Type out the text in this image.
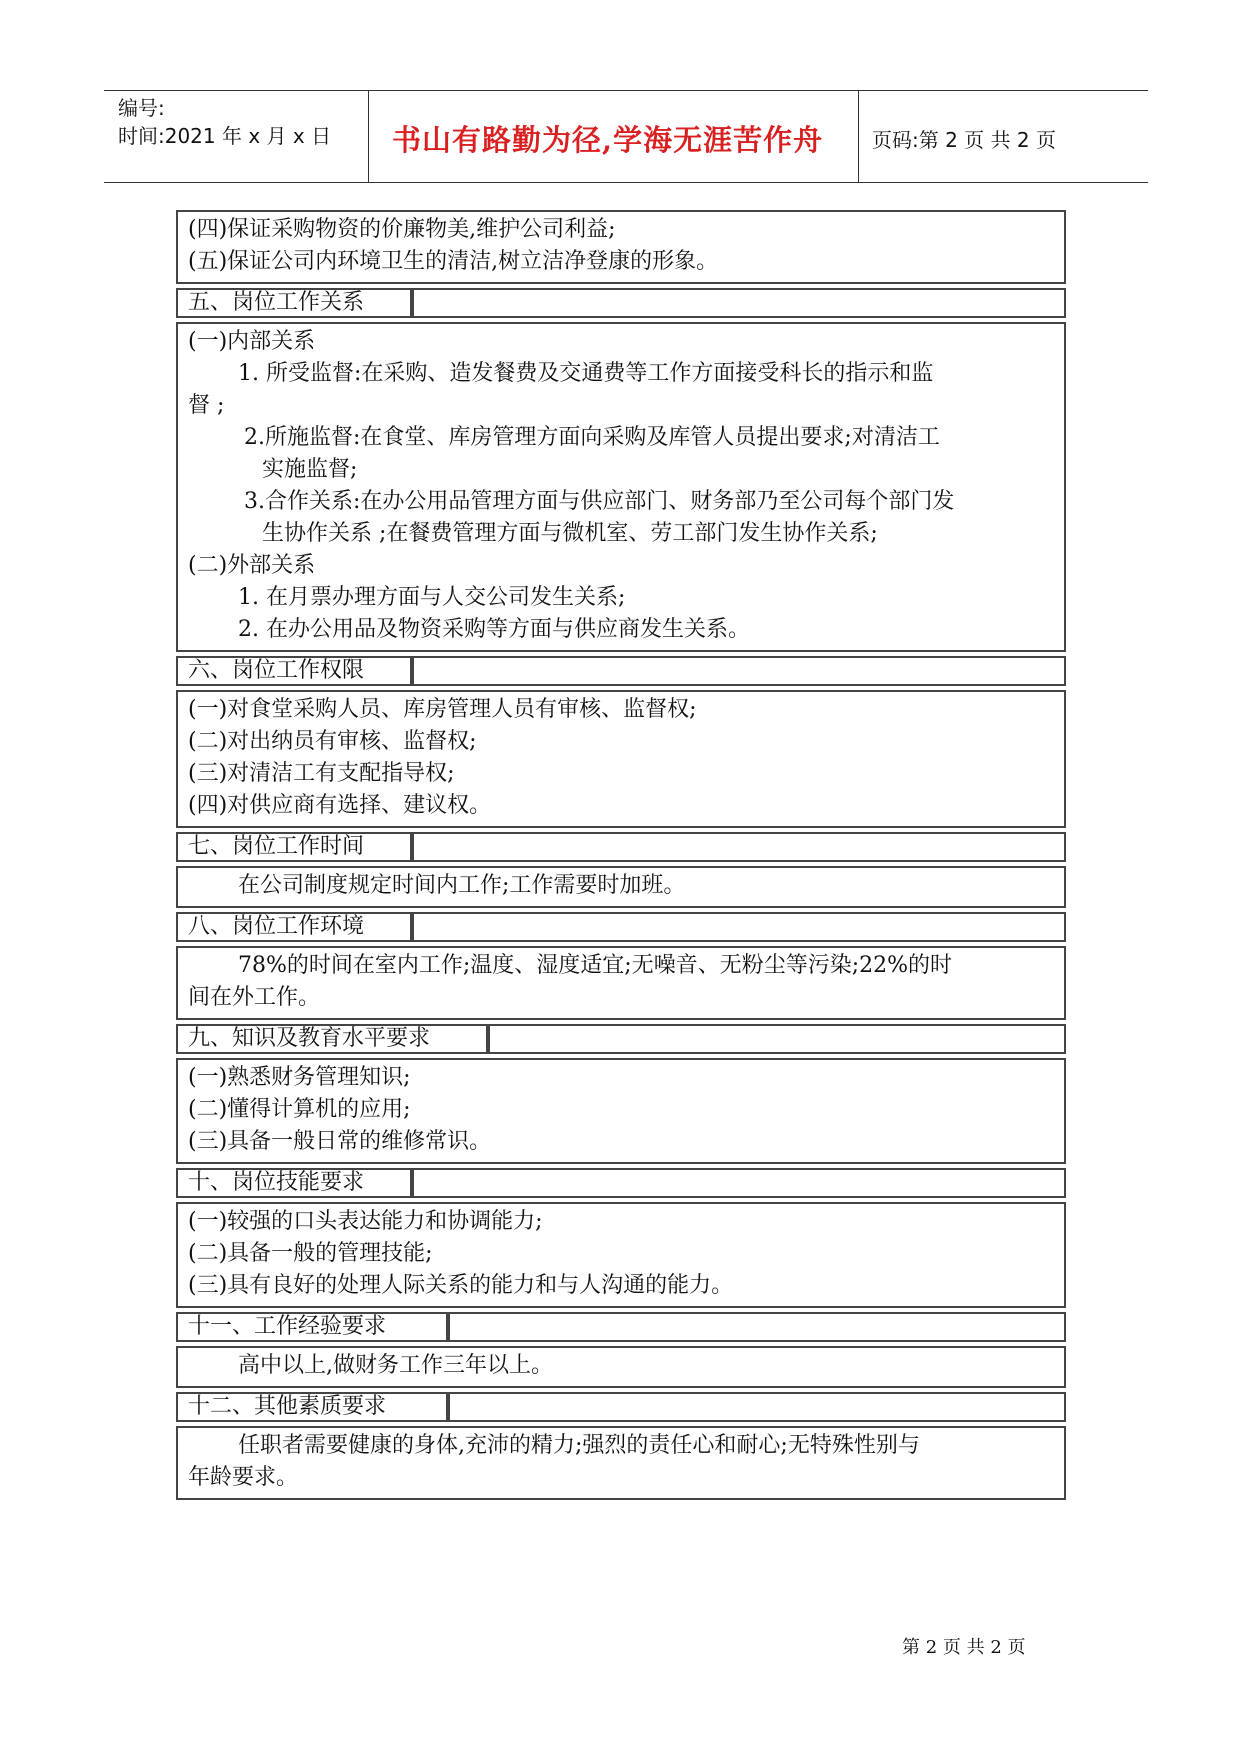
编号:
时间:2021 年 x 月 x 日 书山有路勤为径,学海无涯苦作舟 页码:第 2 页 共 2 页
(四)保证采购物资的价廉物美,维护公司利益;
(五)保证公司内环境卫生的清洁,树立洁净登康的形象。
五、岗位工作关系
(一)内部关系
1. 所受监督:在采购、造发餐费及交通费等工作方面接受科长的指示和监
督 ;
2.所施监督:在食堂、库房管理方面向采购及库管人员提出要求;对清洁工
实施监督;
3.合作关系:在办公用品管理方面与供应部门、财务部乃至公司每个部门发
生协作关系 ;在餐费管理方面与微机室、劳工部门发生协作关系;
(二)外部关系
1. 在月票办理方面与人交公司发生关系;
2. 在办公用品及物资采购等方面与供应商发生关系。
六、岗位工作权限
(一)对食堂采购人员、库房管理人员有审核、监督权;
(二)对出纳员有审核、监督权;
(三)对清洁工有支配指导权;
(四)对供应商有选择、建议权。
七、岗位工作时间
在公司制度规定时间内工作;工作需要时加班。
八、岗位工作环境
78%的时间在室内工作;温度、湿度适宜;无噪音、无粉尘等污染;22%的时
间在外工作。
九、知识及教育水平要求
(一)熟悉财务管理知识;
(二)懂得计算机的应用;
(三)具备一般日常的维修常识。
十、岗位技能要求
(一)较强的口头表达能力和协调能力;
(二)具备一般的管理技能;
(三)具有良好的处理人际关系的能力和与人沟通的能力。
十一、工作经验要求
高中以上,做财务工作三年以上。
十二、其他素质要求
任职者需要健康的身体,充沛的精力;强烈的责任心和耐心;无特殊性别与
年龄要求。
第 2 页 共 2 页
